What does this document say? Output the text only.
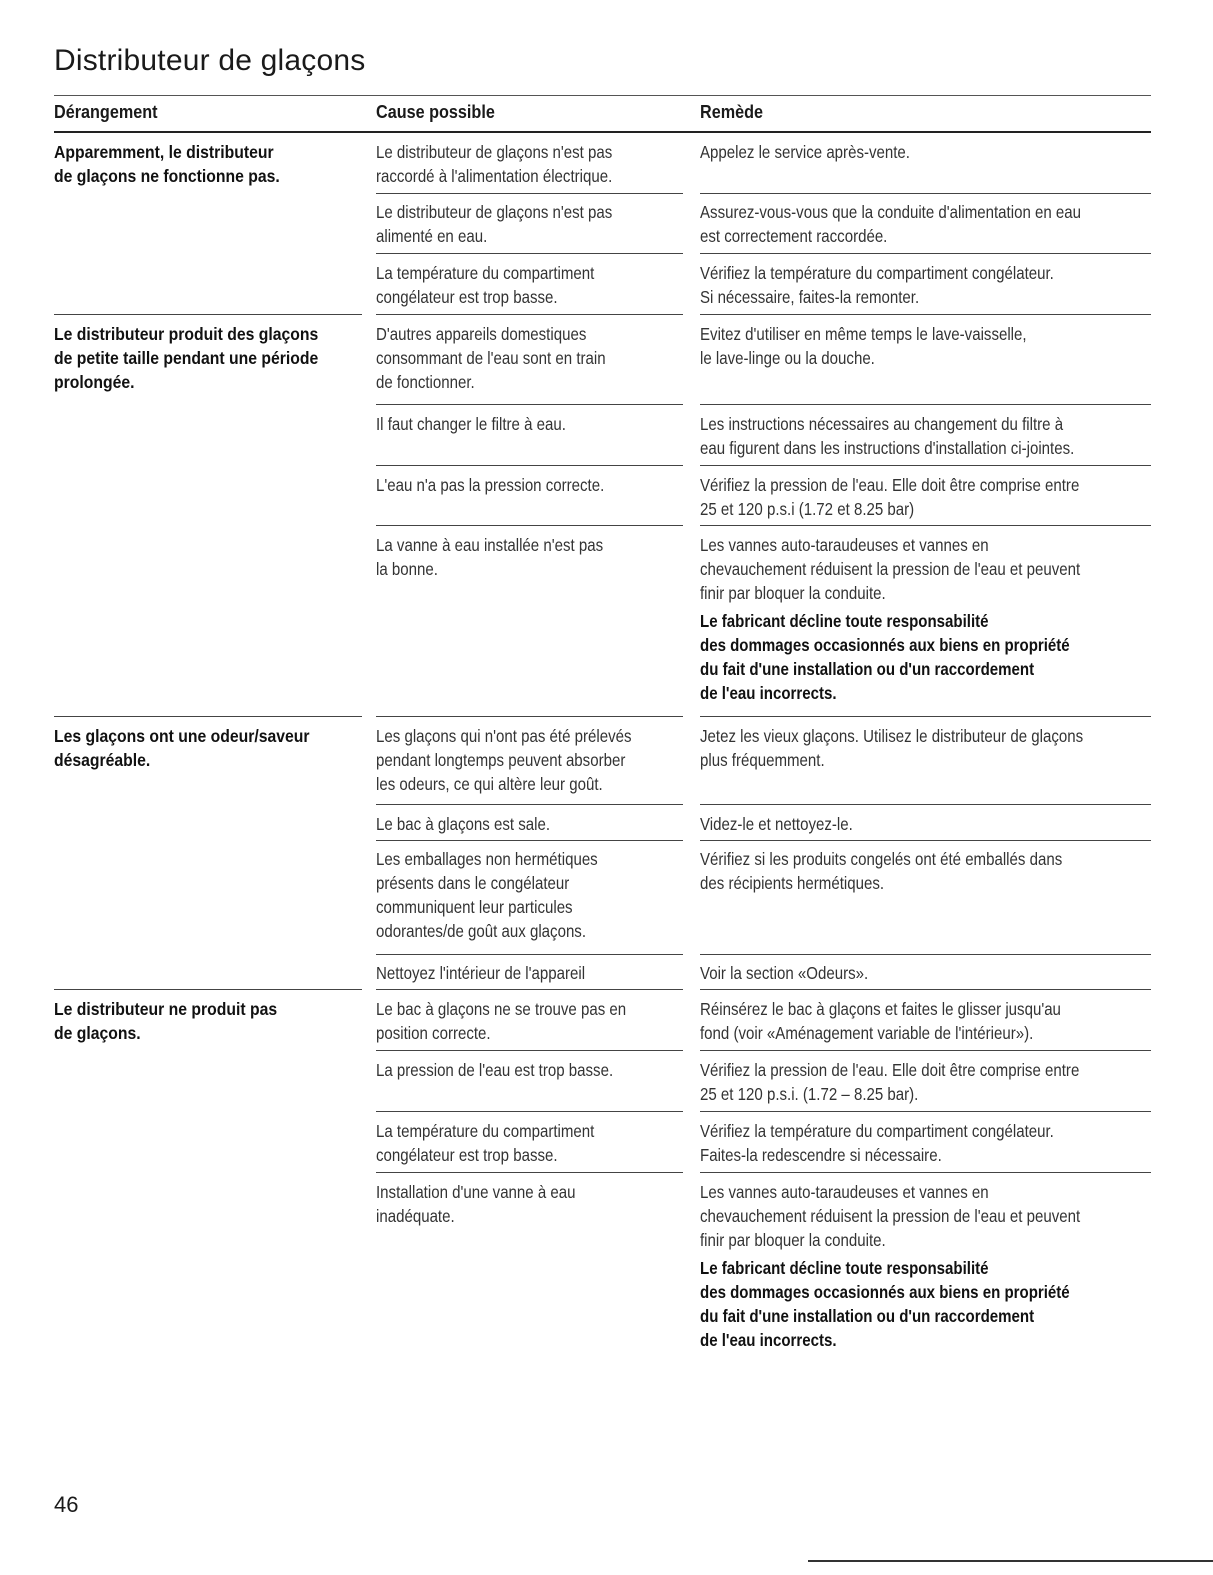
Distributeur de glaçons
Dérangement	Cause possible	Remède
Apparemment, le distributeur
de glaçons ne fonctionne pas.
Le distributeur produit des glaçons
de petite taille pendant une période
prolongée.
Les glaçons ont une odeur/saveur
désagréable.
Le distributeur ne produit pas
de glaçons.
Le distributeur de glaçons n'est pas
raccordé à l'alimentation électrique.
Le distributeur de glaçons n'est pas
alimenté en eau.
La température du compartiment
congélateur est trop basse.
D'autres appareils domestiques
consommant de l'eau sont en train
de fonctionner.
Il faut changer le filtre à eau.
L'eau n'a pas la pression correcte.
La vanne à eau installée n'est pas
la bonne.
Les glaçons qui n'ont pas été prélevés
pendant longtemps peuvent absorber
les odeurs, ce qui altère leur goût.
Le bac à glaçons est sale.
Les emballages non hermétiques
présents dans le congélateur
communiquent leur particules
odorantes/de goût aux glaçons.
Nettoyez l'intérieur de l'appareil
Le bac à glaçons ne se trouve pas en
position correcte.
La pression de l'eau est trop basse.
La température du compartiment
congélateur est trop basse.
Installation d'une vanne à eau
inadéquate.
Appelez le service après-vente.
Assurez-vous-vous que la conduite d'alimentation en eau
est correctement raccordée.
Vérifiez la température du compartiment congélateur.
Si nécessaire, faites-la remonter.
Evitez d'utiliser en même temps le lave-vaisselle,
le lave-linge ou la douche.
Les instructions nécessaires au changement du filtre à
eau figurent dans les instructions d'installation ci-jointes.
Vérifiez la pression de l'eau. Elle doit être comprise entre
25 et 120 p.s.i (1.72 et 8.25 bar)
Les vannes auto-taraudeuses et vannes en
chevauchement réduisent la pression de l'eau et peuvent
finir par bloquer la conduite.
Le fabricant décline toute responsabilité
des dommages occasionnés aux biens en propriété
du fait d'une installation ou d'un raccordement
de l'eau incorrects.
Jetez les vieux glaçons. Utilisez le distributeur de glaçons
plus fréquemment.
Videz-le et nettoyez-le.
Vérifiez si les produits congelés ont été emballés dans
des récipients hermétiques.
Voir la section «Odeurs».
Réinsérez le bac à glaçons et faites le glisser jusqu'au
fond (voir «Aménagement variable de l'intérieur»).
Vérifiez la pression de l'eau. Elle doit être comprise entre
25 et 120 p.s.i. (1.72 – 8.25 bar).
Vérifiez la température du compartiment congélateur.
Faites-la redescendre si nécessaire.
Les vannes auto-taraudeuses et vannes en
chevauchement réduisent la pression de l'eau et peuvent
finir par bloquer la conduite.
Le fabricant décline toute responsabilité
des dommages occasionnés aux biens en propriété
du fait d'une installation ou d'un raccordement
de l'eau incorrects.
46
